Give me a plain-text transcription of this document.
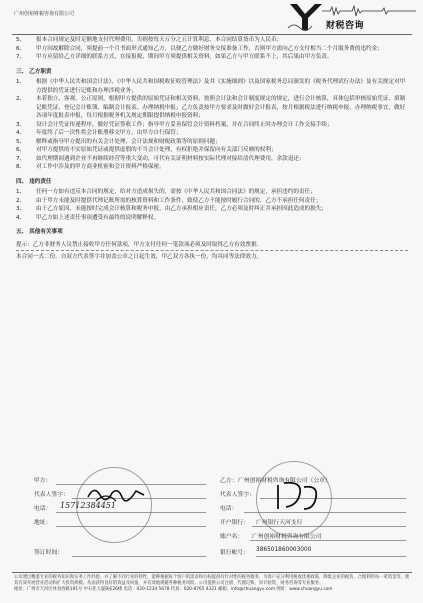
广州创裕财税咨询有限公司
财税咨询
5、	报本合同规定及时足额地支付代理费用，否则按每天万分之五计算利息，本合同结算货币为人民币；
6、	甲方因故解除合同，须提前一个月书面形式通知乙方，以便乙方做好财务交接准备工作，否则甲方需向乙方支付相当二个月服务费的违约金；
7、	甲方应留给乙方详细的联系方式，在接报税，期间甲方须提供相关资料，如果乙方与甲方联系不上，其后果由甲方负责。
三、 乙方职责
1、	根据《中华人民共和国会计法》、《中华人民共和国税收征收管理法》及其《实施细则》以及国家税务总局颁发的《税务代理试行办法》及有关规定对甲方提供的凭证进行记账和办理涉税业务；
2、	本着独立、客观、公正原则，根据甲方提供的原始凭证和相关资料，按照会计法和会计制度规定的规定，进行会计核算，具体包括审核原始凭证、填制记账凭证、登记会计账簿、编制会计报表、办理纳税申报；乙方负责按甲方要求及时做好会计报表，按月根据税法进行纳税申报，办理纳税事宜，做好各项年度报表申报，每月根据税务机关规定期限提供纳税申报资料；
3、	设计会计凭证传递程序，做好凭证签收工作；指导甲方妥善保管会计资料档案，并在合同终止时办理会计工作交接手续；
4、	年度终了后一次性将会计账册移交甲方，由甲方自行保管；
5、	解释或指导甲方提出的有关会计处理、会计法规和财税政策等的原则问题；
6、	对甲方提供的不实原始凭证或提供虚假的不当会计处理，有权拒绝并保留向有关部门反映的权利；
7、	如代理期间遇到企业不再继续经营等重大变动，可代有关证明材料按实际代理对接给清代理费用，余款退还；
8、	对工作中涉及的甲方商业机密和会计资料严格保密。
四、 违约责任
1、	任何一方如有违反本合同的规定，给对方造成损失的，需按《中华人民共和国合同法》的规定，承担违约的责任；
2、	由于甲方未能及时提供代理记账所需的核算资料和工作条件，致使乙方不能按时履行合同的，乙方不承担任何责任；
3、	由于乙方原因，未能按时完成会计核算和税务申报，由乙方承担相应责任，乙方必须及时纠正并承担因此造成的损失；
4、	甲乙方如上述责任事项遭受有最终的说明解释权。
五、 其他有关事项
提示：乙方非财务人员禁止接收甲方任何款项，甲方支付任何一笔款项必须及时取得乙方有效票据。
本合同一式二份，自双方代表签字并加盖公章之日起生效，甲乙双方各执一份，均具同等法律效力。
甲方：	乙方： 广州创裕财税咨询有限公司（公章）
代表人签字：	代表人签字：
电话： 15712384451	电话：
地址：	开户银行： 广州银行天河支行
账户名： 广州创裕财税咨询有限公司
签订时间：	银行帐号： 386501860003000
公司透过精湛专业的税务知识和实务工作经验，并了解不同行业的特性，能够根据每个客户的需求和目标提供有针对性的税务服务，为客户充分利用税收优惠政策，降低企业的税负，合理利用每一笔资金等，使其有效开展营业活动和扩大投资规模。从而获得良好的效益及回报，并有效地规避各种税务风险。公司提供公司注册、代理记账、审计验资、财务咨询等专业服务。
地址：广州市天河区体育西路191号 中石化大厦B座26楼 电话：020-1234 5678 传真：020-8765 4321 邮箱：info@chuangyu.com 网址：www.chuangyu.com
